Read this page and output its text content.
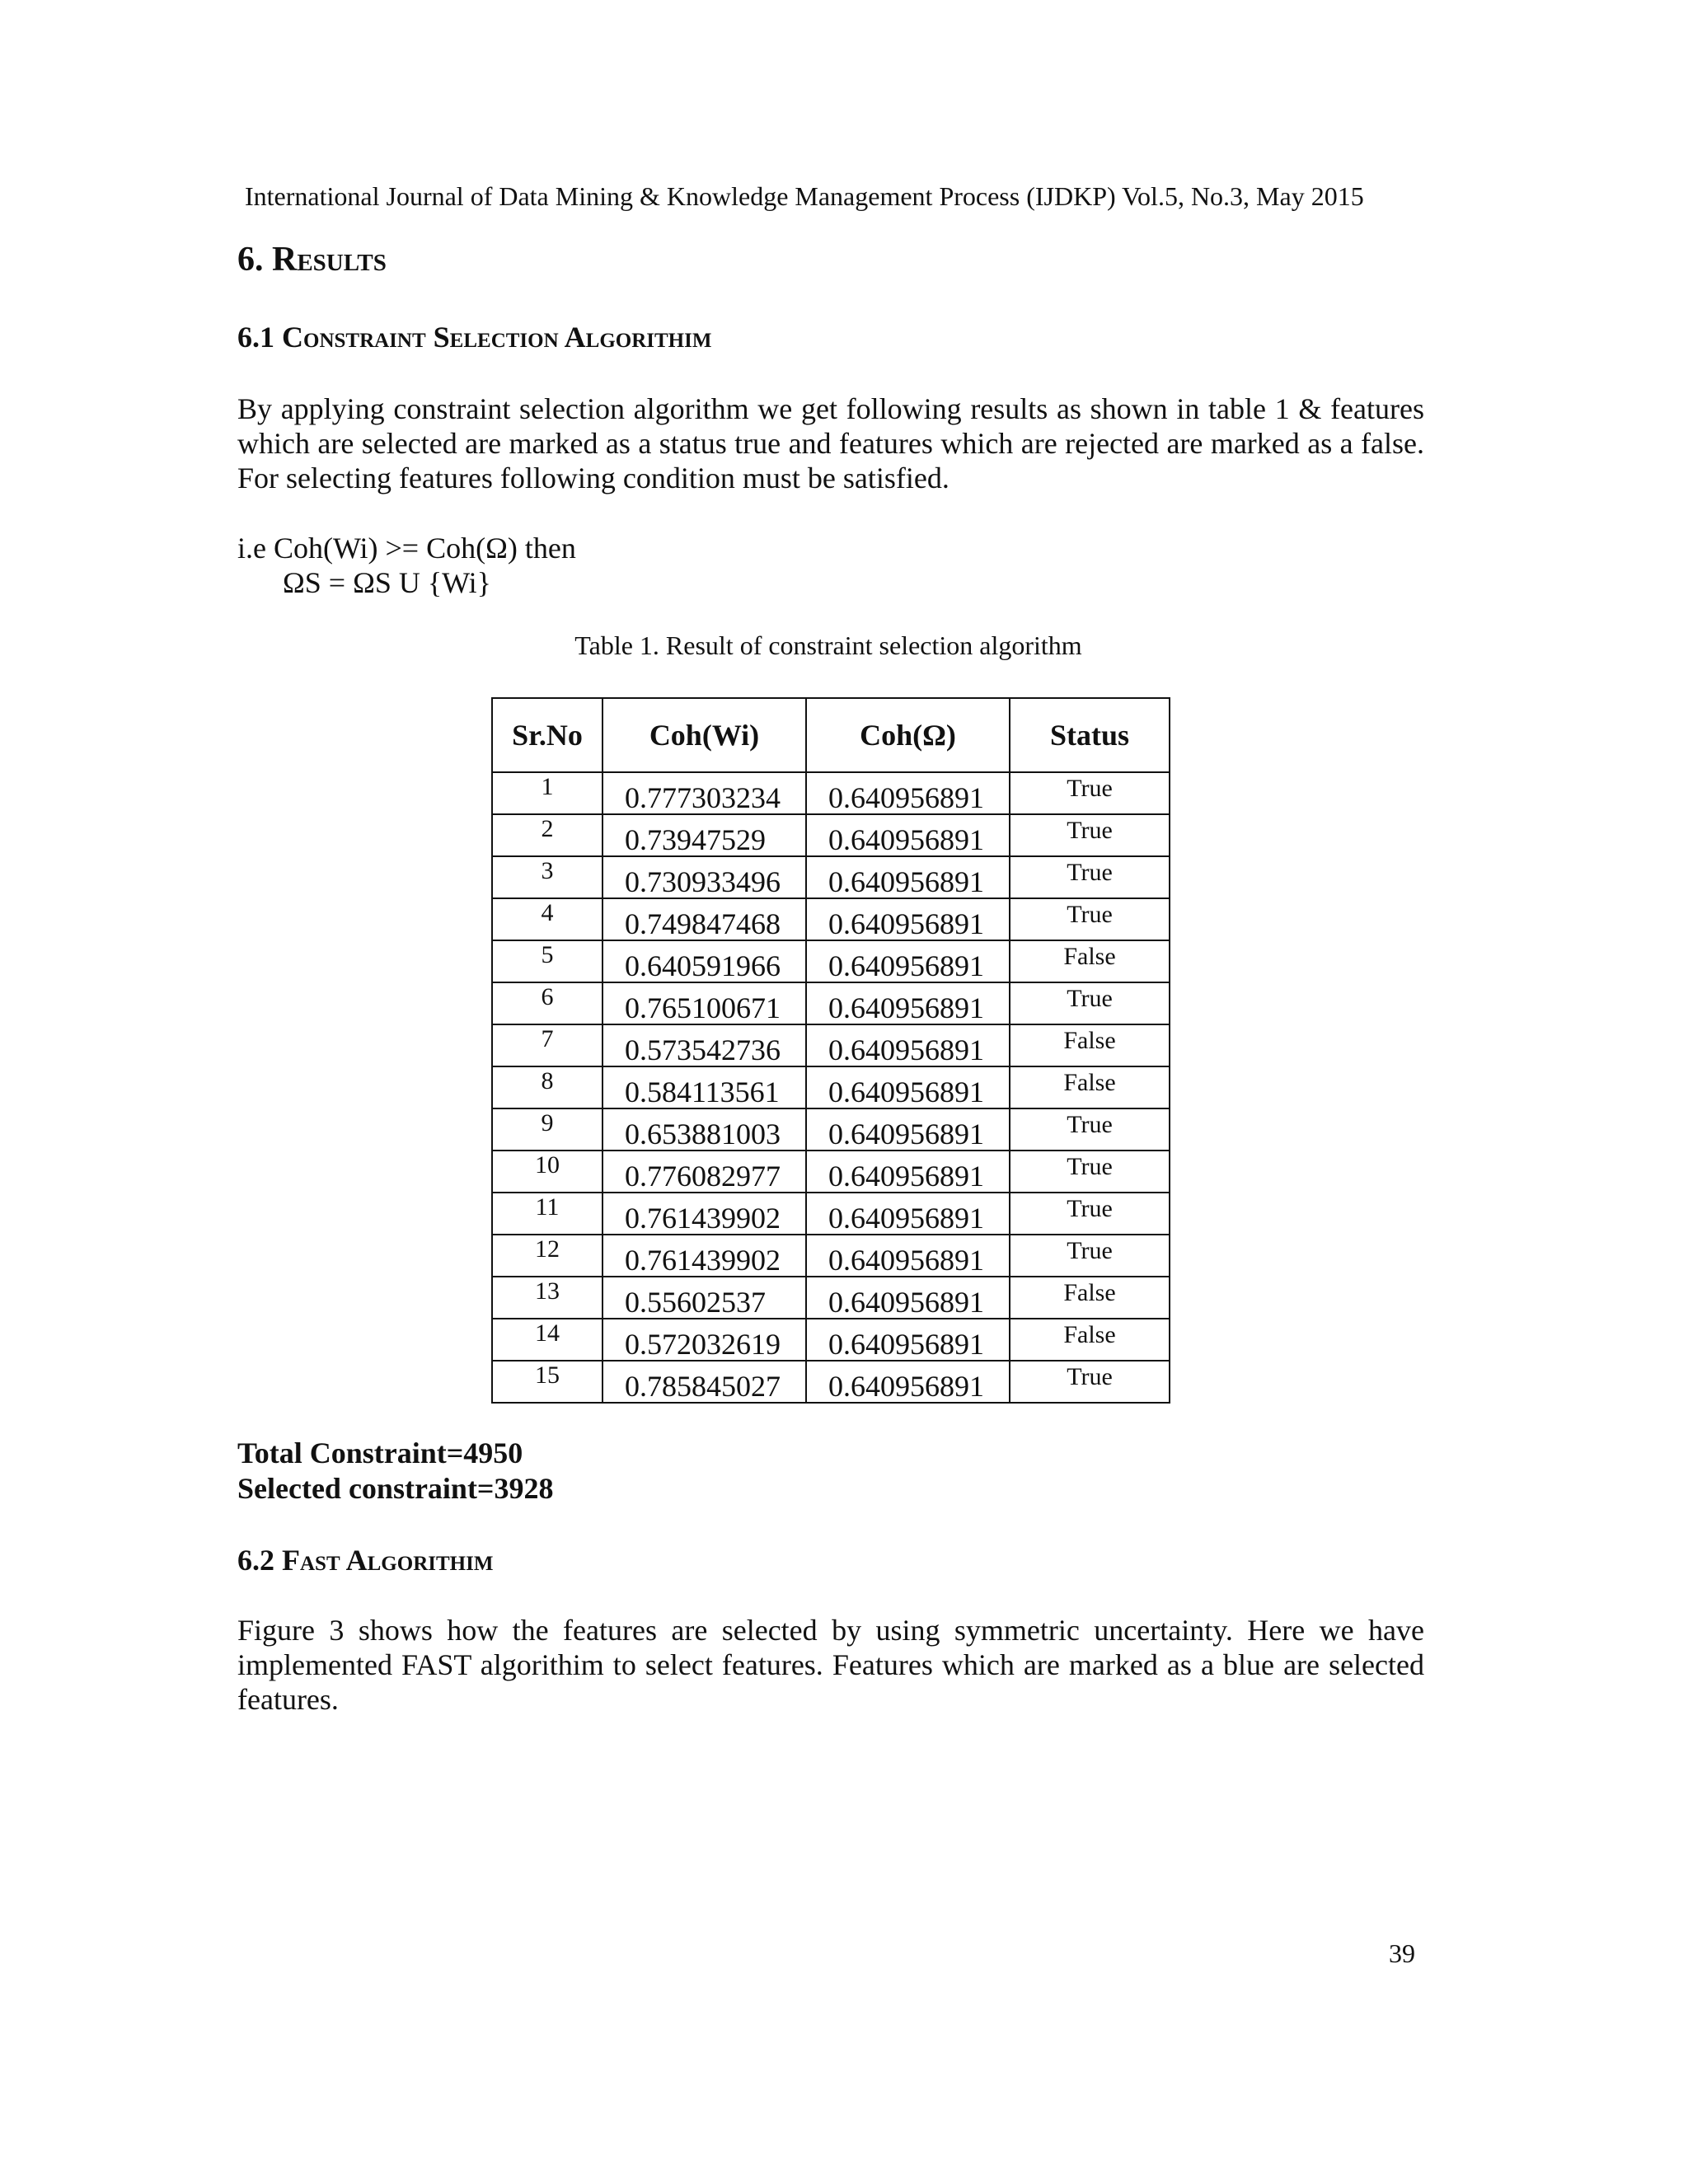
International Journal of Data Mining & Knowledge Management Process (IJDKP) Vol.5, No.3, May 2015
6. Results
6.1 Constraint Selection Algorithim
By applying constraint selection algorithm we get following results as shown in table 1 & features which are selected are marked as a status true and features which are rejected are marked as a false. For selecting features following condition must be satisfied.
i.e Coh(Wi) >= Coh(Ω) then
ΩS = ΩS U {Wi}
Table 1. Result of constraint selection algorithm
Sr.No	Coh(Wi)	Coh(Ω)	Status

1	0.777303234	0.640956891	True

2	0.73947529	0.640956891	True

3	0.730933496	0.640956891	True

4	0.749847468	0.640956891	True

5	0.640591966	0.640956891	False

6	0.765100671	0.640956891	True

7	0.573542736	0.640956891	False

8	0.584113561	0.640956891	False

9	0.653881003	0.640956891	True

10	0.776082977	0.640956891	True

11	0.761439902	0.640956891	True

12	0.761439902	0.640956891	True

13	0.55602537	0.640956891	False

14	0.572032619	0.640956891	False

15	0.785845027	0.640956891	True
Total Constraint=4950
Selected constraint=3928
6.2 Fast Algorithim
Figure 3 shows how the features are selected by using symmetric uncertainty. Here we have implemented FAST algorithim to select features. Features which are marked as a blue are selected features.
39
